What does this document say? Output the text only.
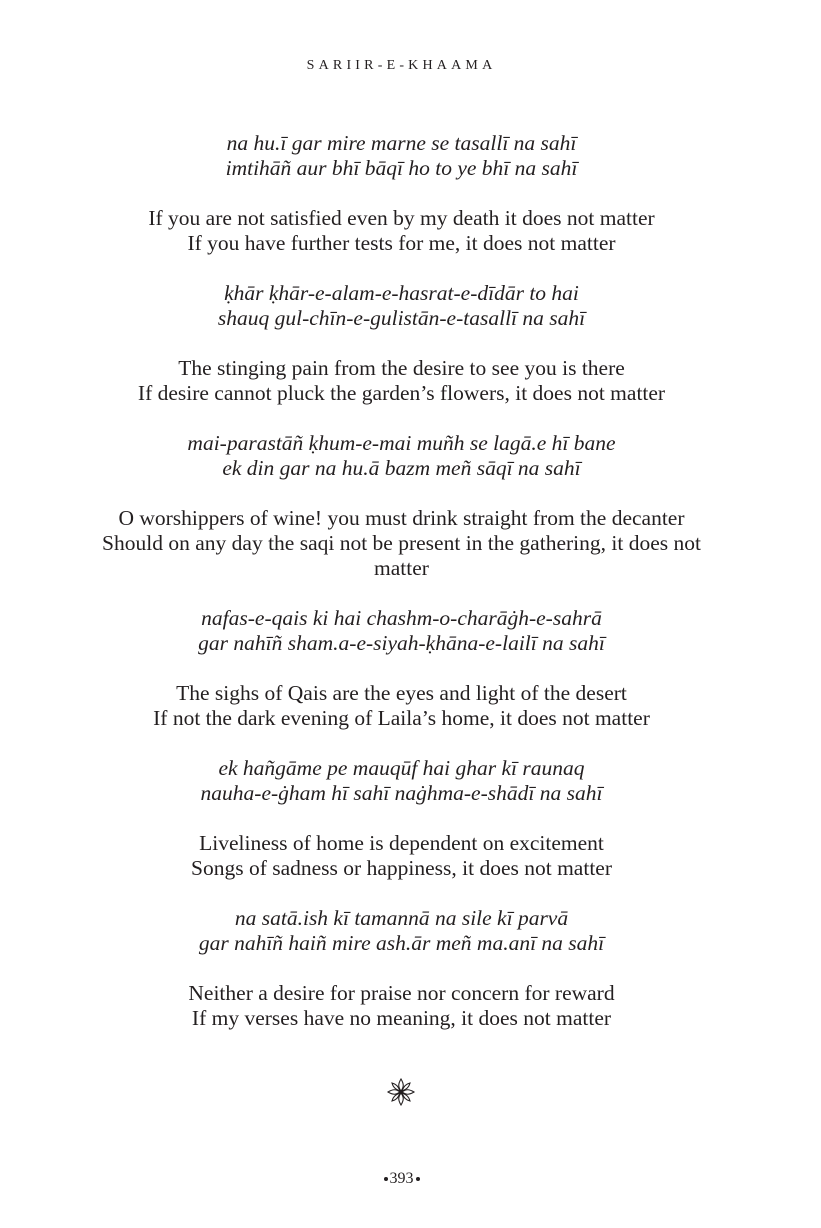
SARIIR-E-KHAAMA
na hu.ī gar mire marne se tasallī na sahī
imtihāñ aur bhī bāqī ho to ye bhī na sahī
If you are not satisfied even by my death it does not matter
If you have further tests for me, it does not matter
ḳhār ḳhār-e-alam-e-hasrat-e-dīdār to hai
shauq gul-chīn-e-gulistān-e-tasallī na sahī
The stinging pain from the desire to see you is there
If desire cannot pluck the garden’s flowers, it does not matter
mai-parastāñ ḳhum-e-mai muñh se lagā.e hī bane
ek din gar na hu.ā bazm meñ sāqī na sahī
O worshippers of wine! you must drink straight from the decanter
Should on any day the saqi not be present in the gathering, it does not matter
nafas-e-qais ki hai chashm-o-charāġh-e-sahrā
gar nahīñ sham.a-e-siyah-ḳhāna-e-lailī na sahī
The sighs of Qais are the eyes and light of the desert
If not the dark evening of Laila’s home, it does not matter
ek hañgāme pe mauqūf hai ghar kī raunaq
nauha-e-ġham hī sahī naġhma-e-shādī na sahī
Liveliness of home is dependent on excitement
Songs of sadness or happiness, it does not matter
na satā.ish kī tamannā na sile kī parvā
gar nahīñ haiñ mire ash.ār meñ ma.anī na sahī
Neither a desire for praise nor concern for reward
If my verses have no meaning, it does not matter
393
